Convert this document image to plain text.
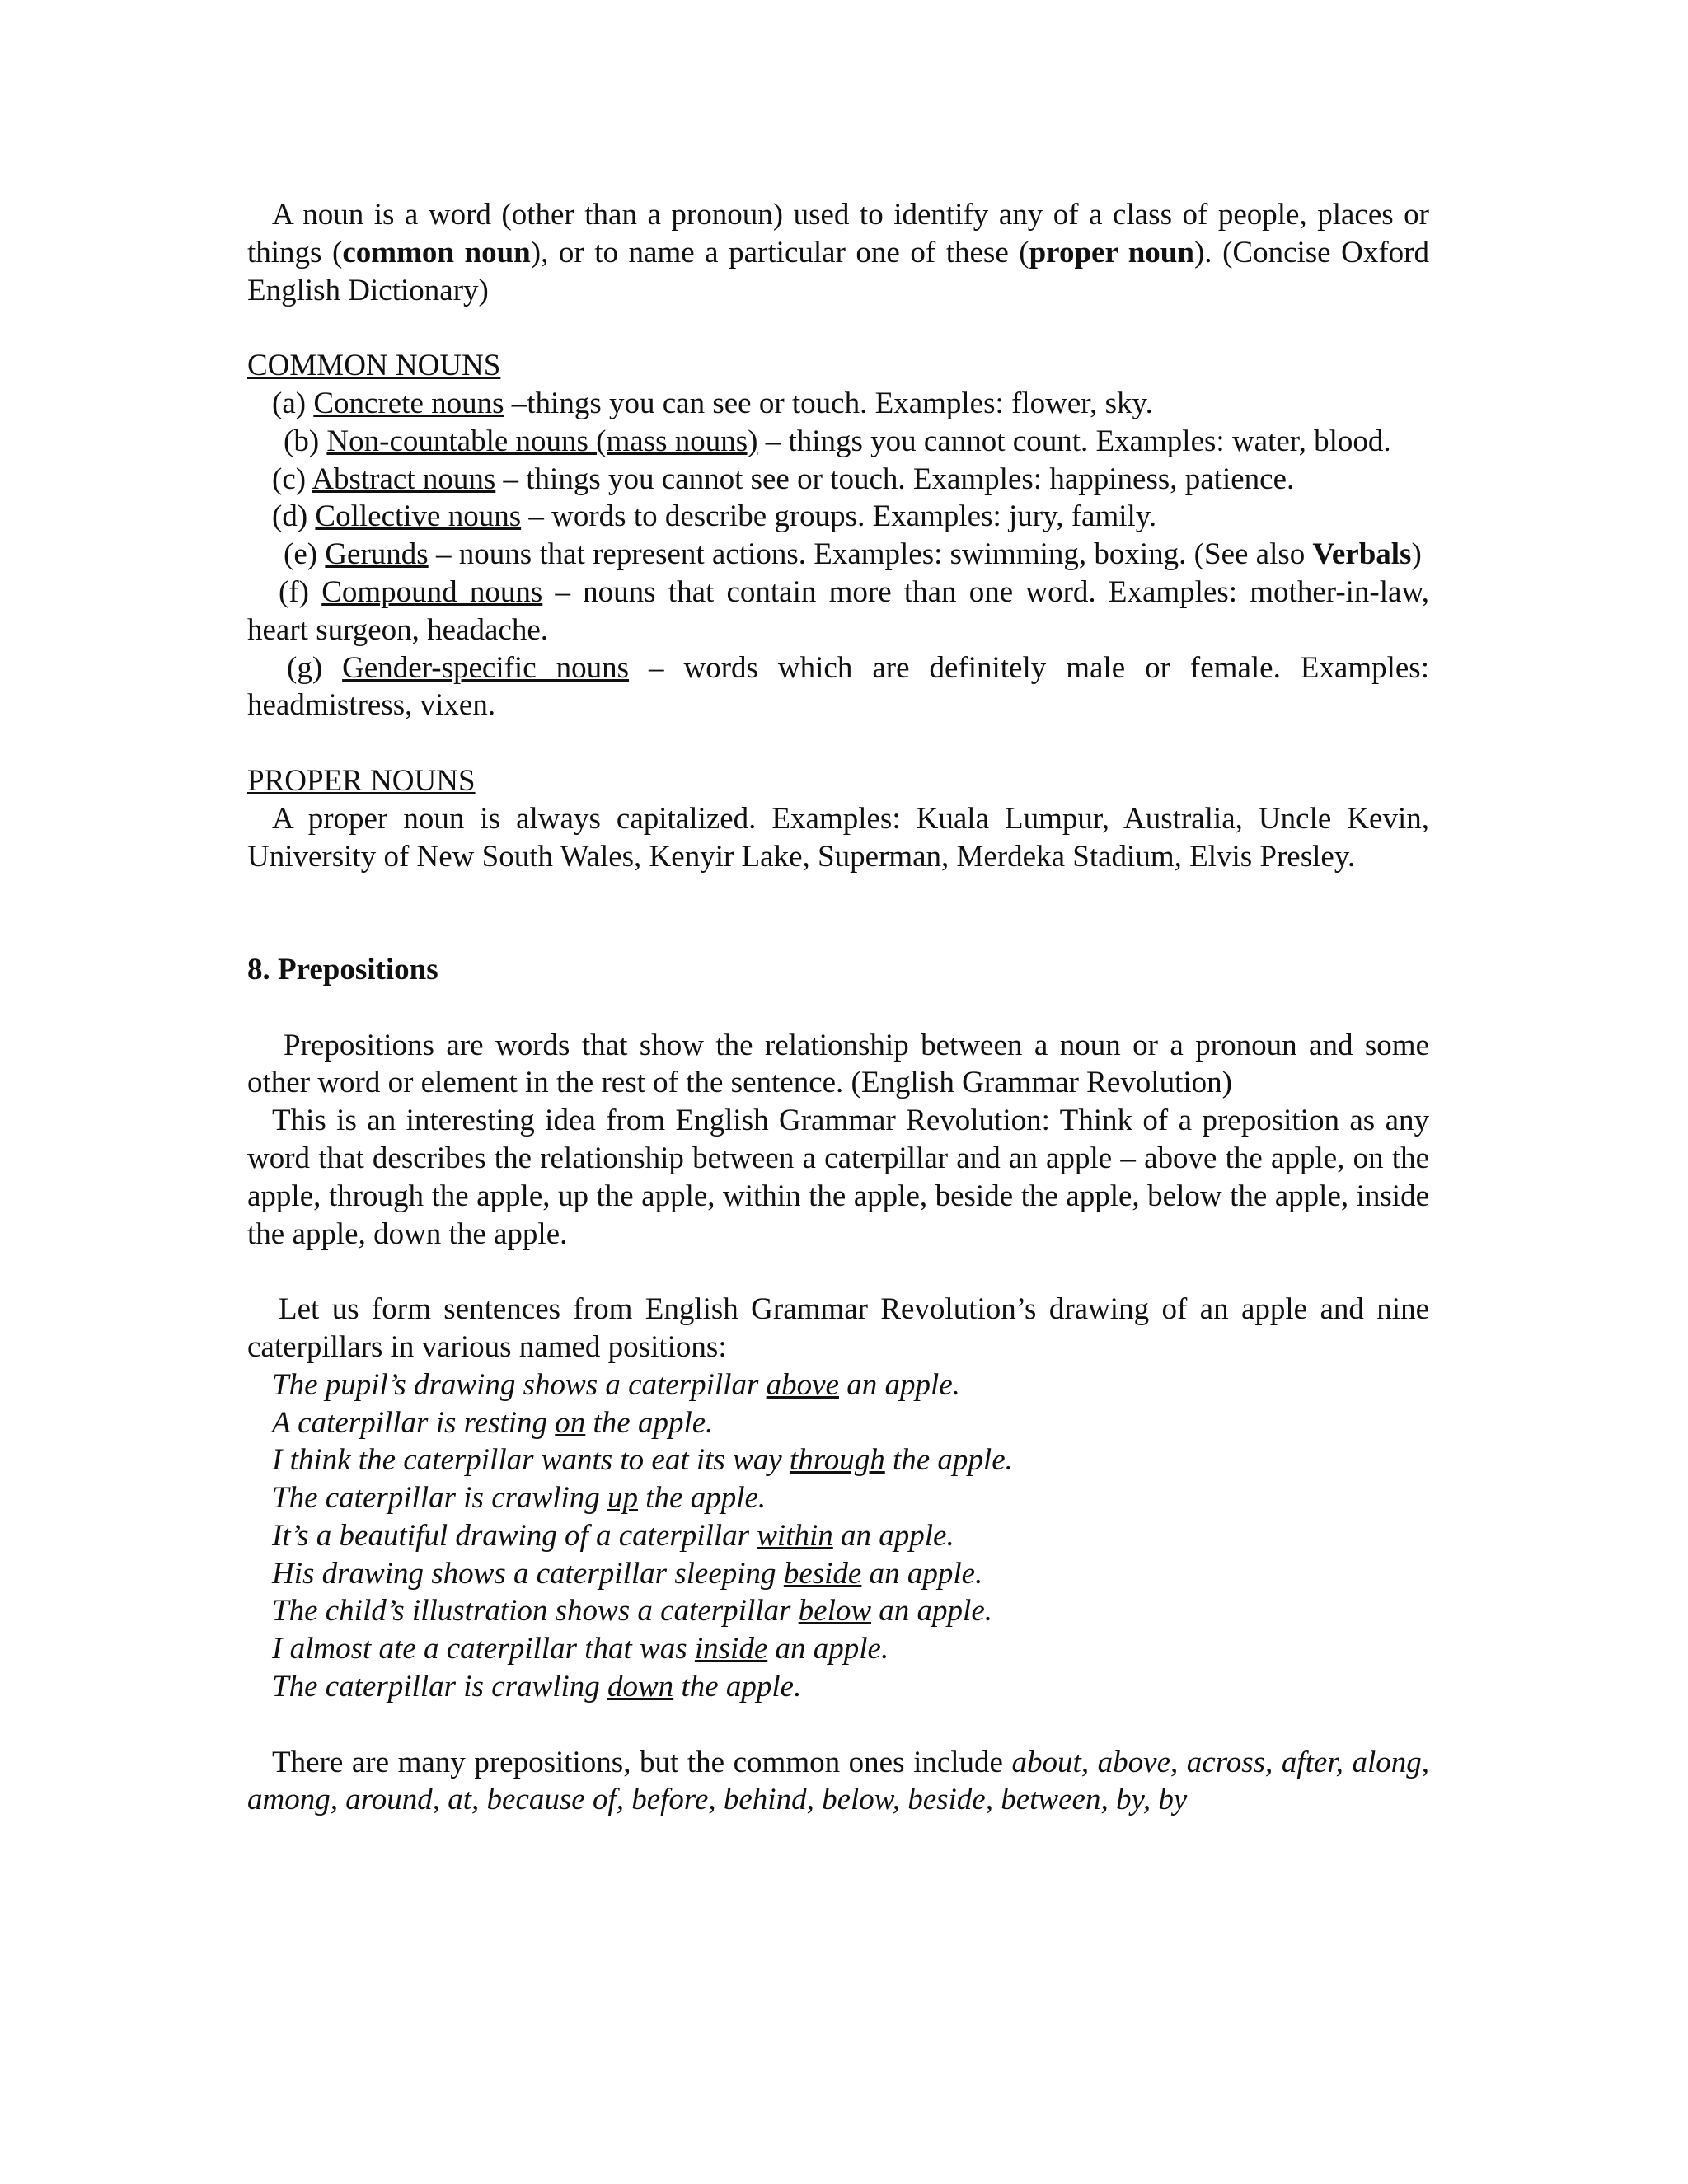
A noun is a word (other than a pronoun) used to identify any of a class of people, places or things (common noun), or to name a particular one of these (proper noun). (Concise Oxford English Dictionary)

COMMON NOUNS

(a) Concrete nouns –things you can see or touch. Examples: flower, sky.

(b) Non-countable nouns (mass nouns) – things you cannot count. Examples: water, blood.

(c) Abstract nouns – things you cannot see or touch. Examples: happiness, patience.

(d) Collective nouns – words to describe groups. Examples: jury, family.

(e) Gerunds – nouns that represent actions. Examples: swimming, boxing. (See also Verbals)

(f) Compound nouns – nouns that contain more than one word. Examples: mother-in-law, heart surgeon, headache.

(g) Gender-specific nouns – words which are definitely male or female. Examples: headmistress, vixen.

PROPER NOUNS

A proper noun is always capitalized. Examples: Kuala Lumpur, Australia, Uncle Kevin, University of New South Wales, Kenyir Lake, Superman, Merdeka Stadium, Elvis Presley.

8. Prepositions

Prepositions are words that show the relationship between a noun or a pronoun and some other word or element in the rest of the sentence. (English Grammar Revolution)

This is an interesting idea from English Grammar Revolution: Think of a preposition as any word that describes the relationship between a caterpillar and an apple – above the apple, on the apple, through the apple, up the apple, within the apple, beside the apple, below the apple, inside the apple, down the apple.

Let us form sentences from English Grammar Revolution’s drawing of an apple and nine caterpillars in various named positions:

The pupil’s drawing shows a caterpillar above an apple.

A caterpillar is resting on the apple.

I think the caterpillar wants to eat its way through the apple.

The caterpillar is crawling up the apple.

It’s a beautiful drawing of a caterpillar within an apple.

His drawing shows a caterpillar sleeping beside an apple.

The child’s illustration shows a caterpillar below an apple.

I almost ate a caterpillar that was inside an apple.

The caterpillar is crawling down the apple.

There are many prepositions, but the common ones include about, above, across, after, along, among, around, at, because of, before, behind, below, beside, between, by, by
